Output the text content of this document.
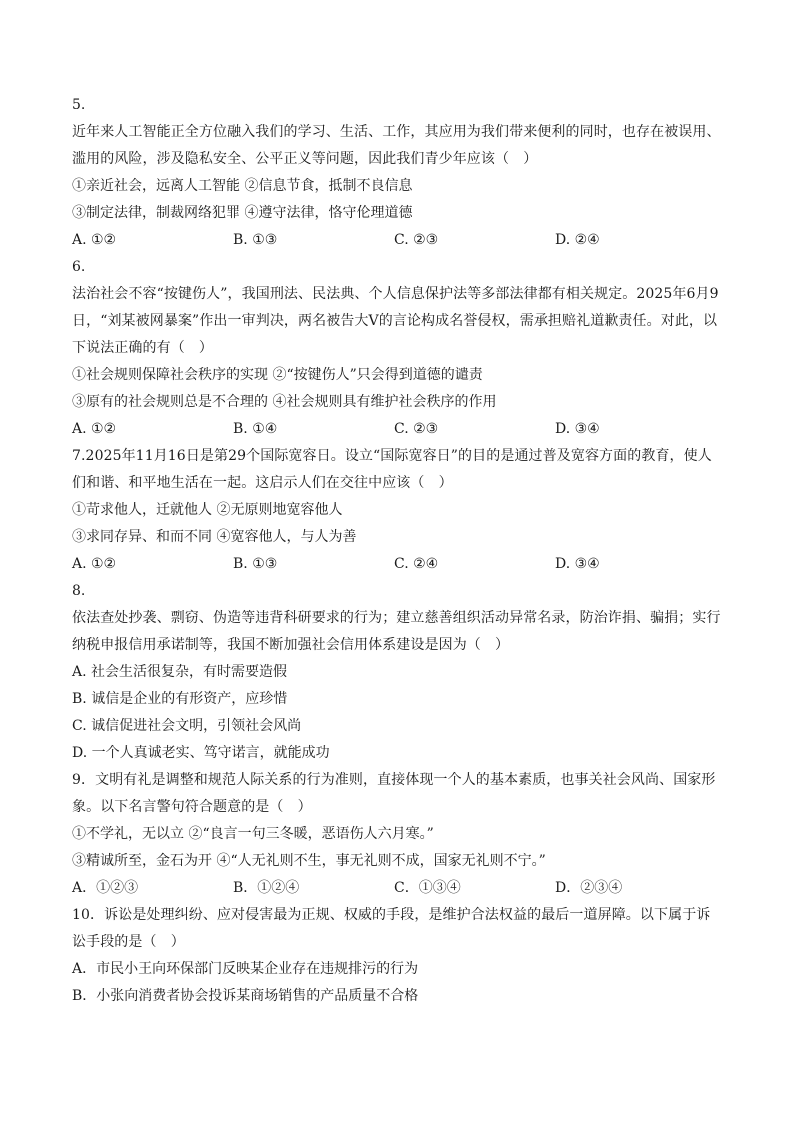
5.
近年来人工智能正全方位融入我们的学习、生活、工作，其应用为我们带来便利的同时，也存在被误用、滥用的风险，涉及隐私安全、公平正义等问题，因此我们青少年应该（　）
①亲近社会，远离人工智能 ②信息节食，抵制不良信息
③制定法律，制裁网络犯罪 ④遵守法律，恪守伦理道德
A. ①②	B. ①③	C. ②③	D. ②④
6.
法治社会不容“按键伤人”，我国刑法、民法典、个人信息保护法等多部法律都有相关规定。2025年6月9日，“刘某被网暴案”作出一审判决，两名被告大V的言论构成名誉侵权，需承担赔礼道歉责任。对此，以下说法正确的有（　）
①社会规则保障社会秩序的实现 ②“按键伤人”只会得到道德的谴责
③原有的社会规则总是不合理的 ④社会规则具有维护社会秩序的作用
A. ①②	B. ①④	C. ②③	D. ③④
7.2025年11月16日是第29个国际宽容日。设立“国际宽容日”的目的是通过普及宽容方面的教育，使人们和谐、和平地生活在一起。这启示人们在交往中应该（　）
①苛求他人，迁就他人 ②无原则地宽容他人
③求同存异、和而不同 ④宽容他人，与人为善
A. ①②	B. ①③	C. ②④	D. ③④
8.
依法查处抄袭、剽窃、伪造等违背科研要求的行为；建立慈善组织活动异常名录，防治诈捐、骗捐；实行纳税申报信用承诺制等，我国不断加强社会信用体系建设是因为（　）
A. 社会生活很复杂，有时需要造假
B. 诚信是企业的有形资产，应珍惜
C. 诚信促进社会文明，引领社会风尚
D. 一个人真诚老实、笃守诺言，就能成功
9．文明有礼是调整和规范人际关系的行为准则，直接体现一个人的基本素质，也事关社会风尚、国家形象。以下名言警句符合题意的是（　）
①不学礼，无以立 ②“良言一句三冬暖，恶语伤人六月寒。”
③精诚所至，金石为开 ④“人无礼则不生，事无礼则不成，国家无礼则不宁。”
A．①②③	B．①②④	C．①③④	D．②③④
10．诉讼是处理纠纷、应对侵害最为正规、权威的手段，是维护合法权益的最后一道屏障。以下属于诉讼手段的是（　）
A．市民小王向环保部门反映某企业存在违规排污的行为
B．小张向消费者协会投诉某商场销售的产品质量不合格
